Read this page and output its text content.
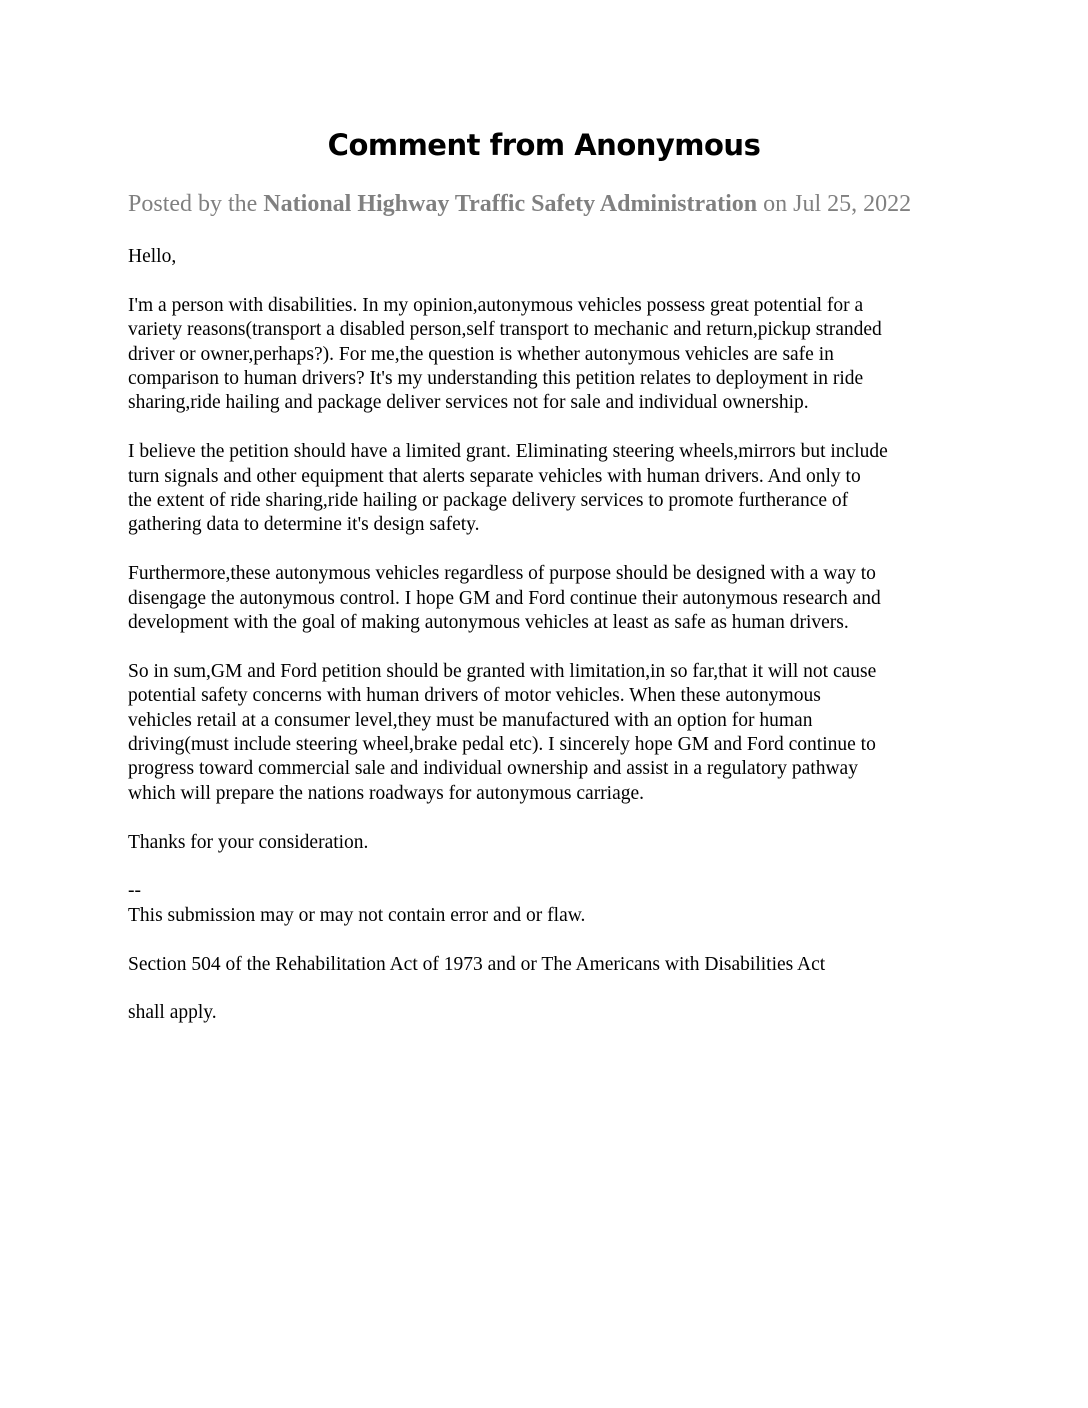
Comment from Anonymous
Posted by the National Highway Traffic Safety Administration on Jul 25, 2022

Hello,

I'm a person with disabilities. In my opinion,autonymous vehicles possess great potential for a
variety reasons(transport a disabled person,self transport to mechanic and return,pickup stranded
driver or owner,perhaps?). For me,the question is whether autonymous vehicles are safe in
comparison to human drivers? It's my understanding this petition relates to deployment in ride
sharing,ride hailing and package deliver services not for sale and individual ownership.

I believe the petition should have a limited grant. Eliminating steering wheels,mirrors but include
turn signals and other equipment that alerts separate vehicles with human drivers. And only to
the extent of ride sharing,ride hailing or package delivery services to promote furtherance of
gathering data to determine it's design safety.

Furthermore,these autonymous vehicles regardless of purpose should be designed with a way to
disengage the autonymous control. I hope GM and Ford continue their autonymous research and
development with the goal of making autonymous vehicles at least as safe as human drivers.

So in sum,GM and Ford petition should be granted with limitation,in so far,that it will not cause
potential safety concerns with human drivers of motor vehicles. When these autonymous
vehicles retail at a consumer level,they must be manufactured with an option for human
driving(must include steering wheel,brake pedal etc). I sincerely hope GM and Ford continue to
progress toward commercial sale and individual ownership and assist in a regulatory pathway
which will prepare the nations roadways for autonymous carriage.

Thanks for your consideration.

--

This submission may or may not contain error and or flaw.

Section 504 of the Rehabilitation Act of 1973 and or The Americans with Disabilities Act

shall apply.
